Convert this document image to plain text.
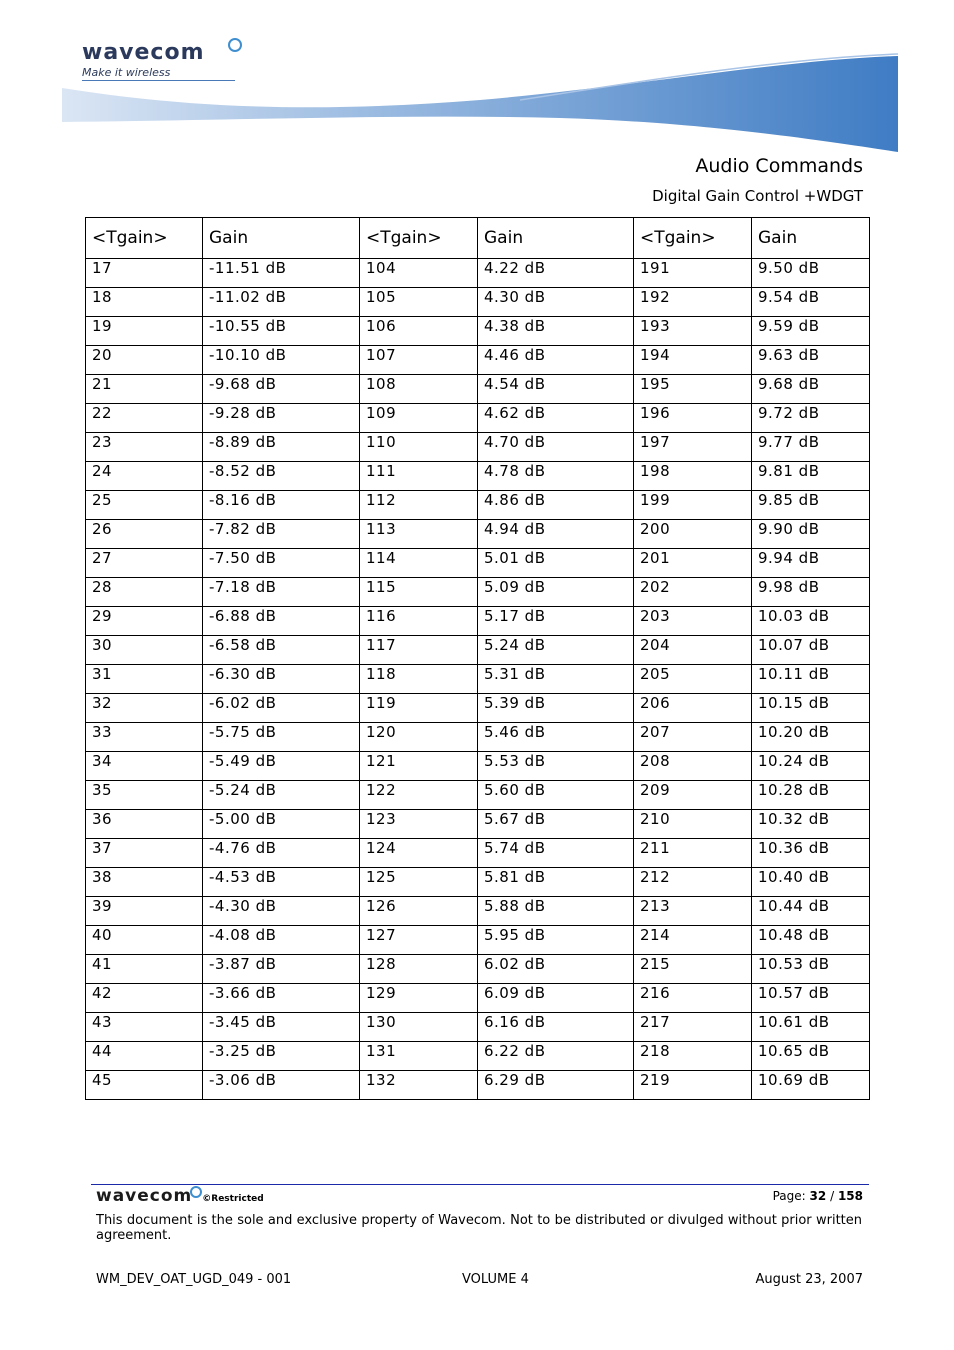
wavecom
Make it wireless
Audio Commands
Digital Gain Control +WDGT
<Tgain>	Gain	<Tgain>	Gain	<Tgain>	Gain
17	-11.51 dB	104	4.22 dB	191	9.50 dB
18	-11.02 dB	105	4.30 dB	192	9.54 dB
19	-10.55 dB	106	4.38 dB	193	9.59 dB
20	-10.10 dB	107	4.46 dB	194	9.63 dB
21	-9.68 dB	108	4.54 dB	195	9.68 dB
22	-9.28 dB	109	4.62 dB	196	9.72 dB
23	-8.89 dB	110	4.70 dB	197	9.77 dB
24	-8.52 dB	111	4.78 dB	198	9.81 dB
25	-8.16 dB	112	4.86 dB	199	9.85 dB
26	-7.82 dB	113	4.94 dB	200	9.90 dB
27	-7.50 dB	114	5.01 dB	201	9.94 dB
28	-7.18 dB	115	5.09 dB	202	9.98 dB
29	-6.88 dB	116	5.17 dB	203	10.03 dB
30	-6.58 dB	117	5.24 dB	204	10.07 dB
31	-6.30 dB	118	5.31 dB	205	10.11 dB
32	-6.02 dB	119	5.39 dB	206	10.15 dB
33	-5.75 dB	120	5.46 dB	207	10.20 dB
34	-5.49 dB	121	5.53 dB	208	10.24 dB
35	-5.24 dB	122	5.60 dB	209	10.28 dB
36	-5.00 dB	123	5.67 dB	210	10.32 dB
37	-4.76 dB	124	5.74 dB	211	10.36 dB
38	-4.53 dB	125	5.81 dB	212	10.40 dB
39	-4.30 dB	126	5.88 dB	213	10.44 dB
40	-4.08 dB	127	5.95 dB	214	10.48 dB
41	-3.87 dB	128	6.02 dB	215	10.53 dB
42	-3.66 dB	129	6.09 dB	216	10.57 dB
43	-3.45 dB	130	6.16 dB	217	10.61 dB
44	-3.25 dB	131	6.22 dB	218	10.65 dB
45	-3.06 dB	132	6.29 dB	219	10.69 dB
wavecom ©Restricted	Page: 32 / 158
This document is the sole and exclusive property of Wavecom. Not to be distributed or divulged without prior written agreement.
WM_DEV_OAT_UGD_049 - 001	VOLUME 4	August 23, 2007
